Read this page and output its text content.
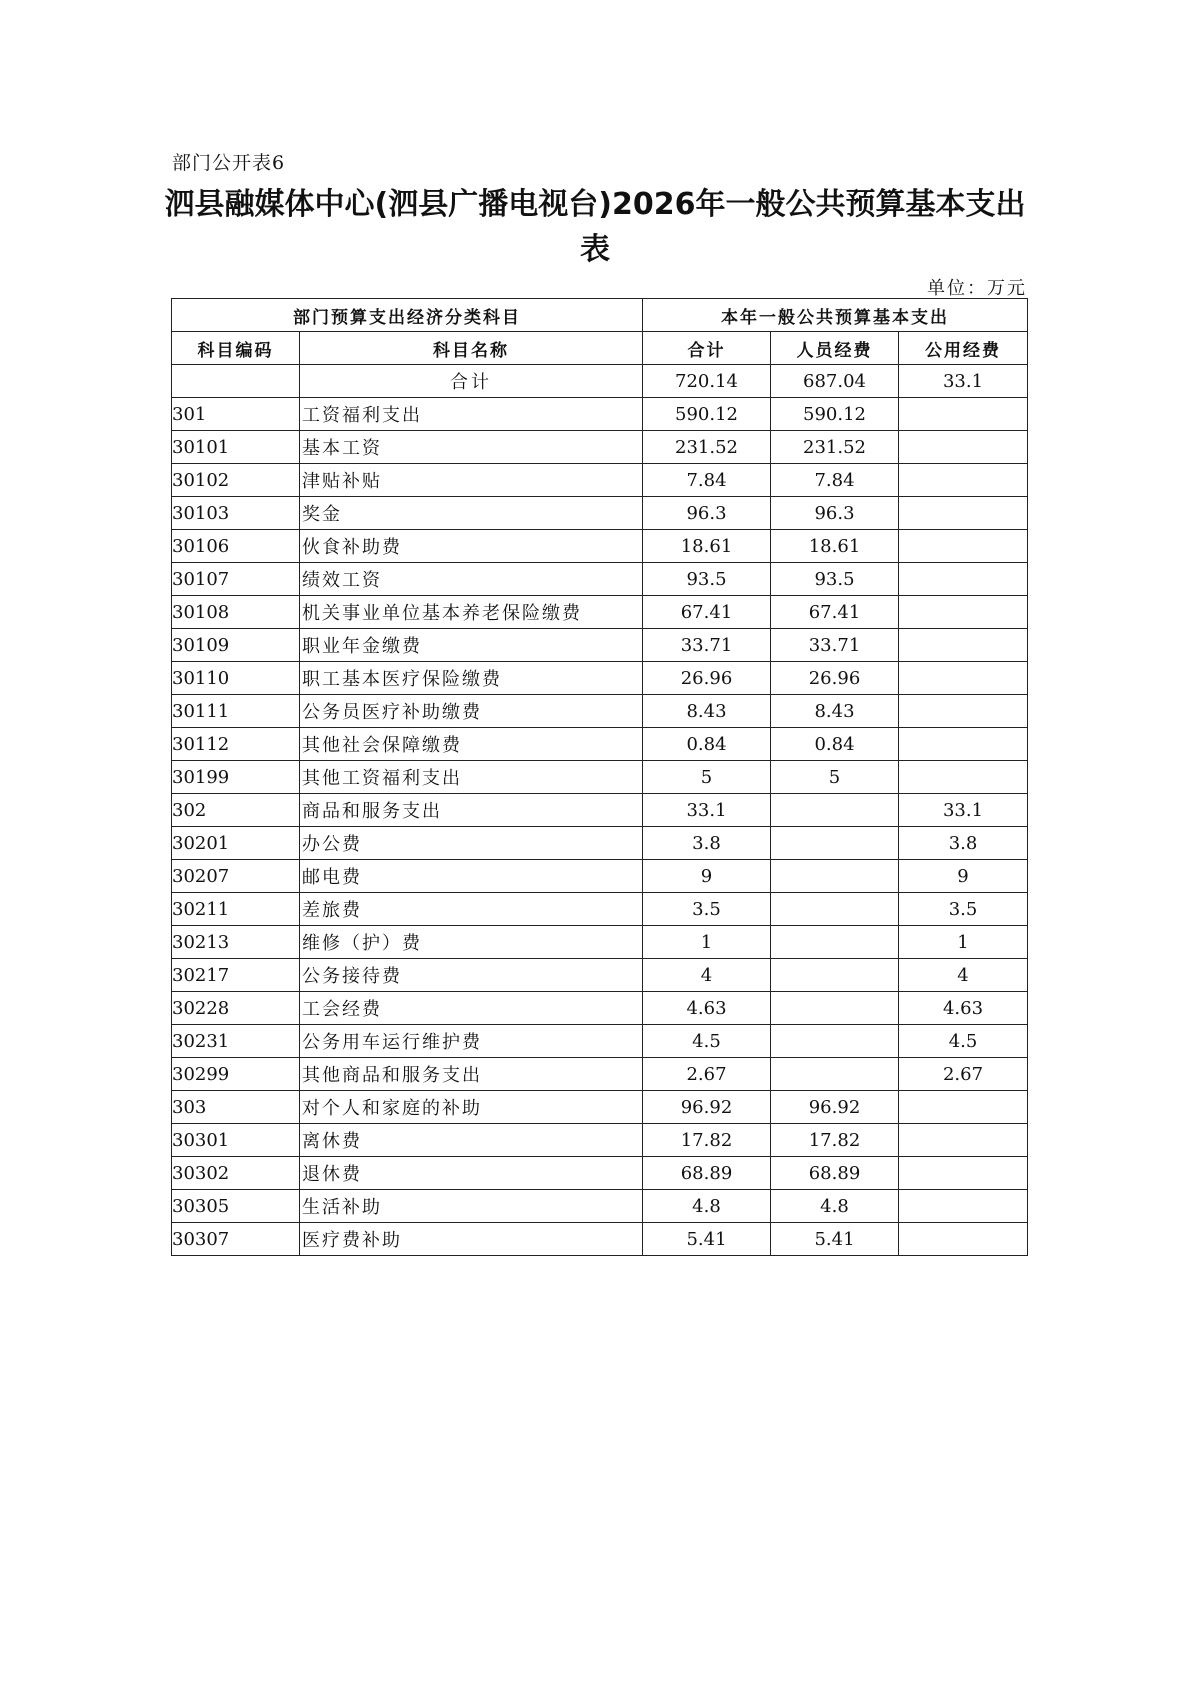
部门公开表6
泗县融媒体中心(泗县广播电视台)2026年一般公共预算基本支出表
单位：万元
部门预算支出经济分类科目		本年一般公共预算基本支出		
科目编码	科目名称	合计	人员经费	公用经费
	合计	720.14	687.04	33.1
301	工资福利支出	590.12	590.12	
30101	基本工资	231.52	231.52	
30102	津贴补贴	7.84	7.84	
30103	奖金	96.3	96.3	
30106	伙食补助费	18.61	18.61	
30107	绩效工资	93.5	93.5	
30108	机关事业单位基本养老保险缴费	67.41	67.41	
30109	职业年金缴费	33.71	33.71	
30110	职工基本医疗保险缴费	26.96	26.96	
30111	公务员医疗补助缴费	8.43	8.43	
30112	其他社会保障缴费	0.84	0.84	
30199	其他工资福利支出	5	5	
302	商品和服务支出	33.1		33.1
30201	办公费	3.8		3.8
30207	邮电费	9		9
30211	差旅费	3.5		3.5
30213	维修（护）费	1		1
30217	公务接待费	4		4
30228	工会经费	4.63		4.63
30231	公务用车运行维护费	4.5		4.5
30299	其他商品和服务支出	2.67		2.67
303	对个人和家庭的补助	96.92	96.92	
30301	离休费	17.82	17.82	
30302	退休费	68.89	68.89	
30305	生活补助	4.8	4.8	
30307	医疗费补助	5.41	5.41	
